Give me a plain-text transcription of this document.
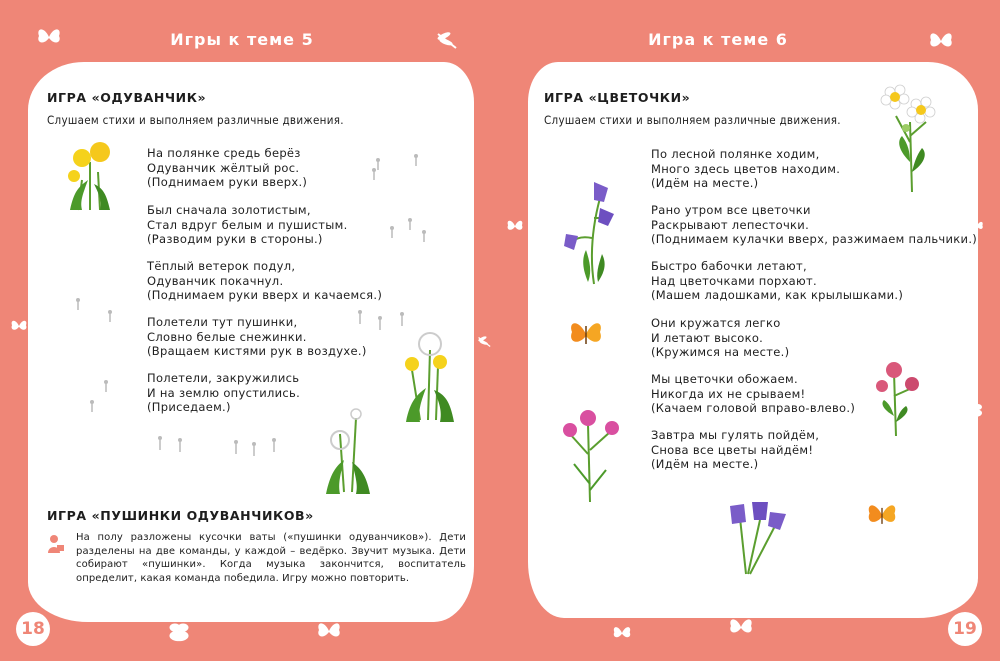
Игры к теме 5	Игра к теме 6
ИГРА «ОДУВАНЧИК»
Слушаем стихи и выполняем различные движения.
На полянке средь берёз
Одуванчик жёлтый рос.
(Поднимаем руки вверх.)
Был сначала золотистым,
Стал вдруг белым и пушистым.
(Разводим руки в стороны.)
Тёплый ветерок подул,
Одуванчик покачнул.
(Поднимаем руки вверх и качаемся.)
Полетели тут пушинки,
Словно белые снежинки.
(Вращаем кистями рук в воздухе.)
Полетели, закружились
И на землю опустились.
(Приседаем.)
ИГРА «ПУШИНКИ ОДУВАНЧИКОВ»
На полу разложены кусочки ваты («пушинки одуванчиков»). Дети разделены на две команды, у каждой – ведёрко. Звучит музыка. Дети собирают «пушинки». Когда музыка закончится, воспитатель определит, какая команда победила. Игру можно повторить.
18
ИГРА «ЦВЕТОЧКИ»
Слушаем стихи и выполняем различные движения.
По лесной полянке ходим,
Много здесь цветов находим.
(Идём на месте.)
Рано утром все цветочки
Раскрывают лепесточки.
(Поднимаем кулачки вверх, разжимаем пальчики.)
Быстро бабочки летают,
Над цветочками порхают.
(Машем ладошками, как крылышками.)
Они кружатся легко
И летают высоко.
(Кружимся на месте.)
Мы цветочки обожаем.
Никогда их не срываем!
(Качаем головой вправо-влево.)
Завтра мы гулять пойдём,
Снова все цветы найдём!
(Идём на месте.)
19
